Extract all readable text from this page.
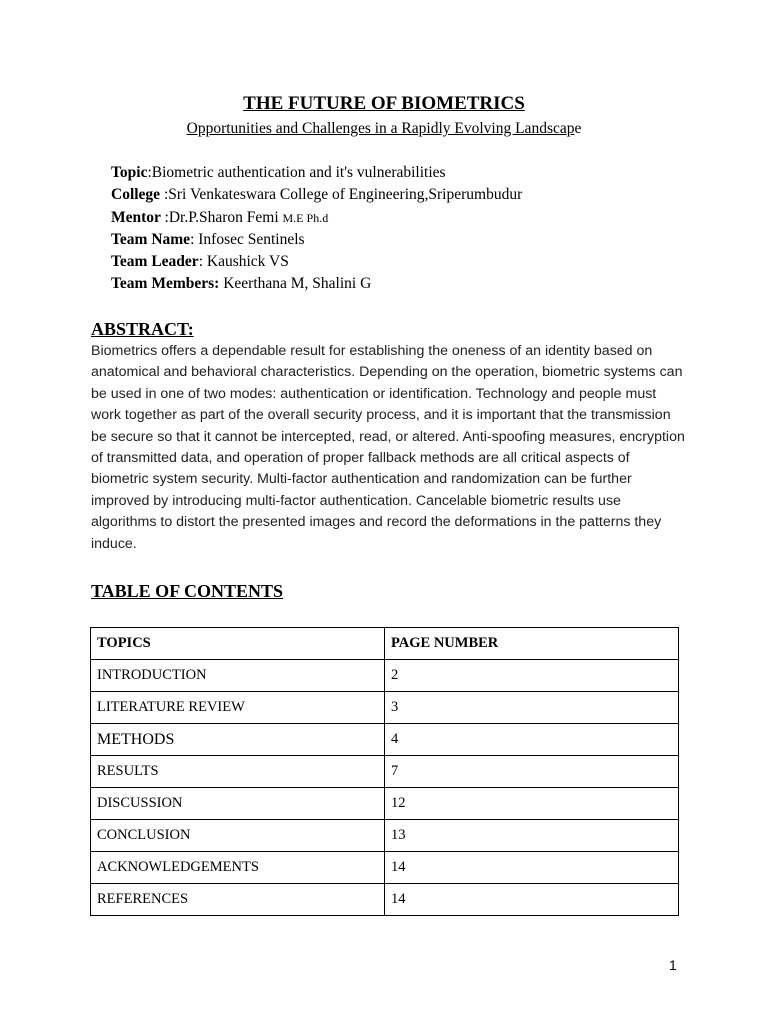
THE FUTURE OF BIOMETRICS
Opportunities and Challenges in a Rapidly Evolving Landscape
Topic:Biometric authentication and it's vulnerabilities
College :Sri Venkateswara College of Engineering,Sriperumbudur
Mentor :Dr.P.Sharon Femi M.E Ph.d
Team Name: Infosec Sentinels
Team Leader: Kaushick VS
Team Members: Keerthana M, Shalini G
ABSTRACT:
Biometrics offers a dependable result for establishing the oneness of an identity based on anatomical and behavioral characteristics. Depending on the operation, biometric systems can be used in one of two modes: authentication or identification. Technology and people must work together as part of the overall security process, and it is important that the transmission be secure so that it cannot be intercepted, read, or altered. Anti-spoofing measures, encryption of transmitted data, and operation of proper fallback methods are all critical aspects of biometric system security. Multi-factor authentication and randomization can be further improved by introducing multi-factor authentication. Cancelable biometric results use algorithms to distort the presented images and record the deformations in the patterns they induce.
TABLE OF CONTENTS
TOPICS	PAGE NUMBER
INTRODUCTION	2
LITERATURE REVIEW	3
METHODS	4
RESULTS	7
DISCUSSION	12
CONCLUSION	13
ACKNOWLEDGEMENTS	14
REFERENCES	14
1
